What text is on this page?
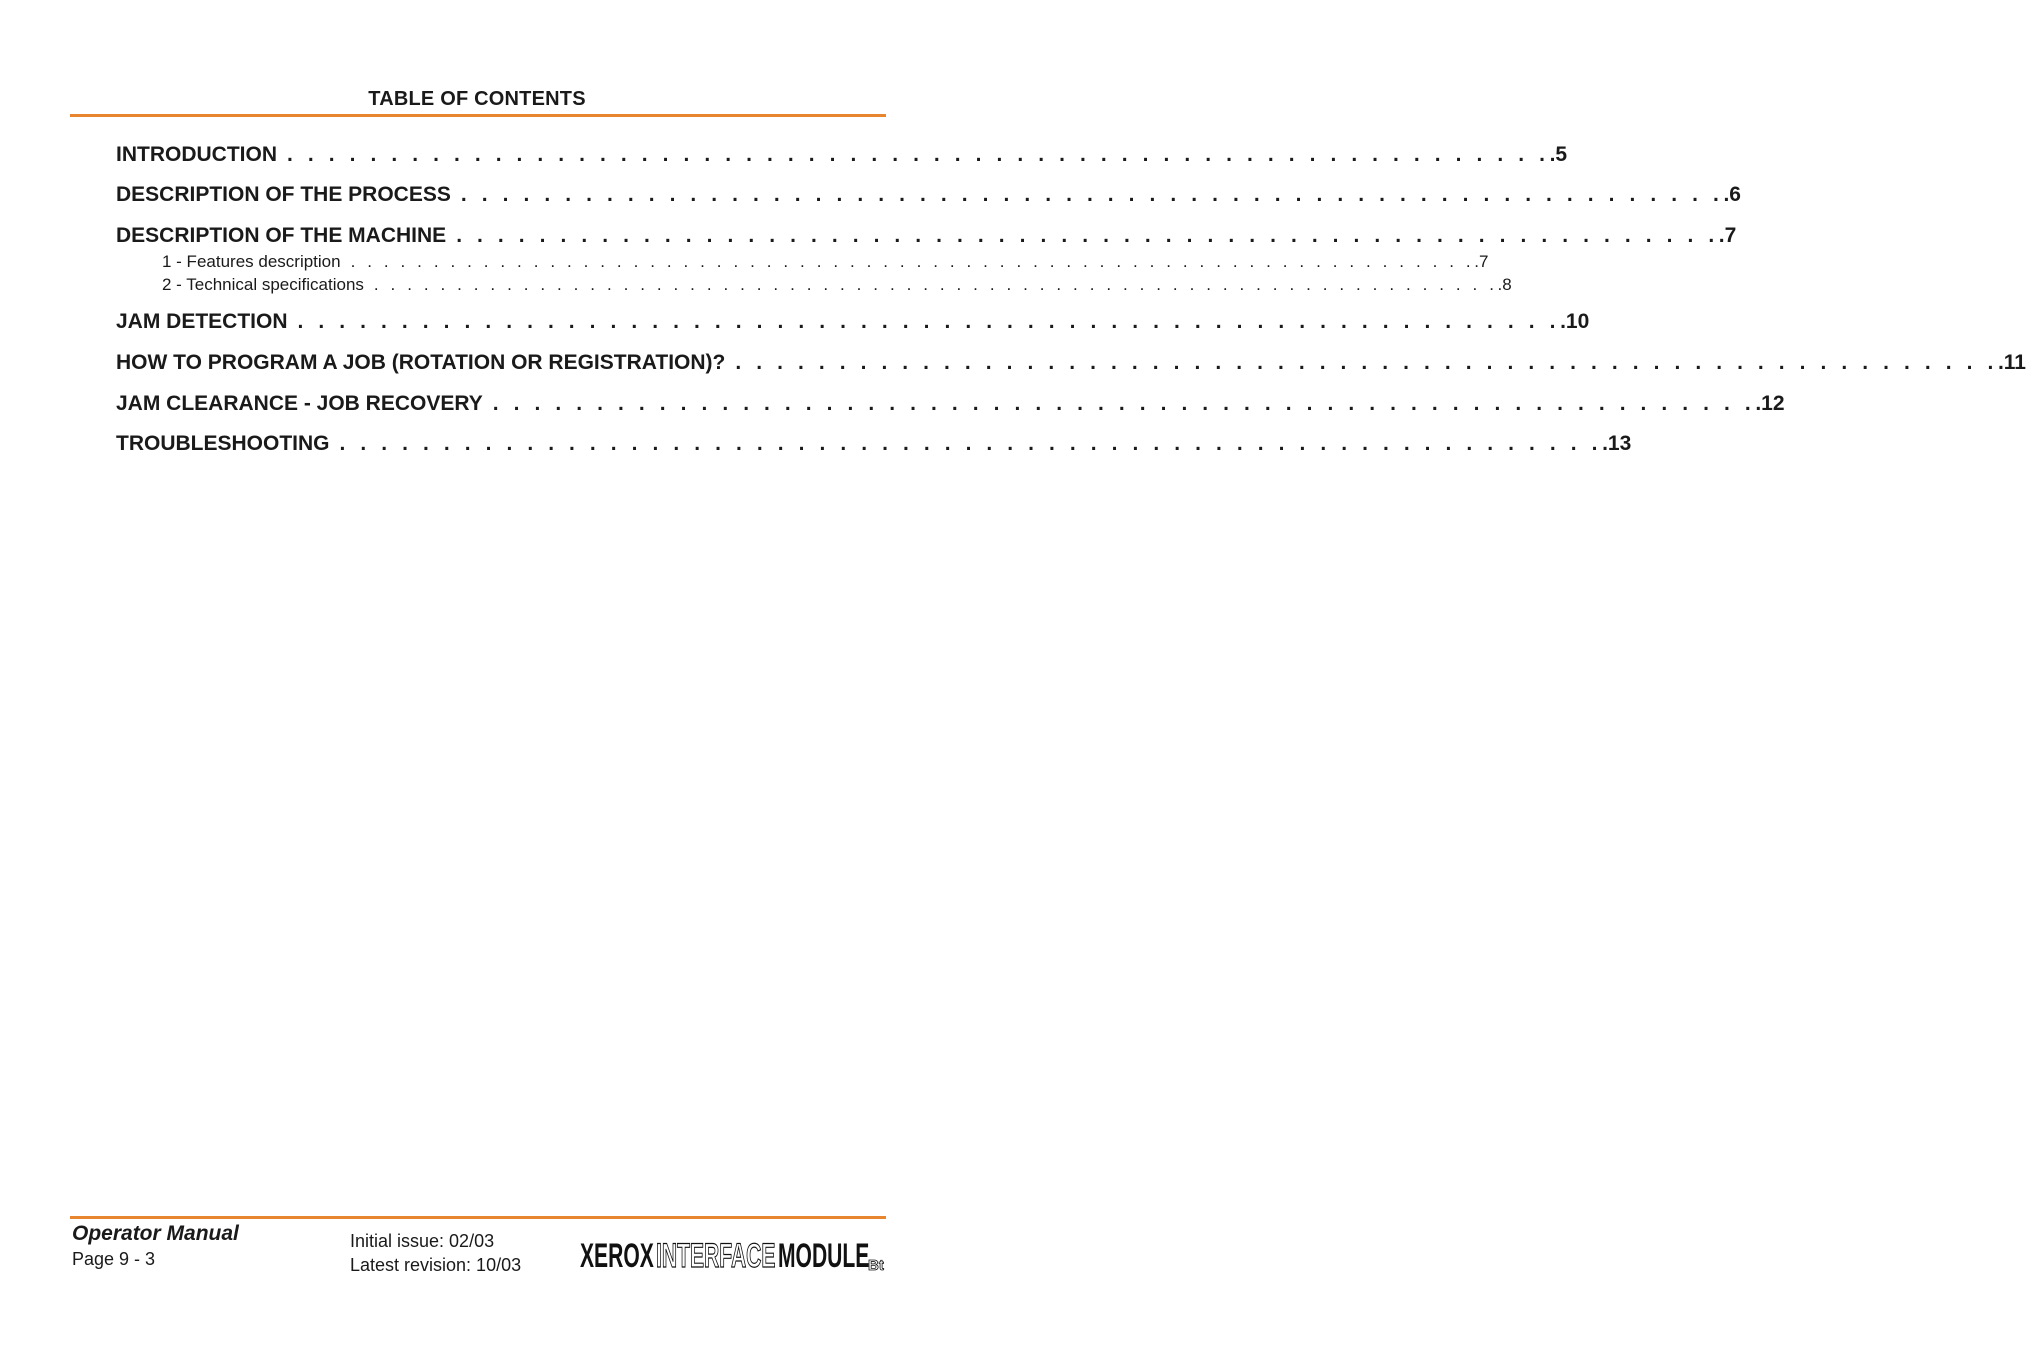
TABLE OF CONTENTS
INTRODUCTION . . . . . . . . . . . . . . . . . . . . . . . . . . . . . . . . . . . . . . . . . . . . . . . . . . . . . . . . . . . . . .5
DESCRIPTION OF THE PROCESS . . . . . . . . . . . . . . . . . . . . . . . . . . . . . . . . . . . . . . . . . . . . . . . . . . . . . . . . . . . . . .6
DESCRIPTION OF THE MACHINE . . . . . . . . . . . . . . . . . . . . . . . . . . . . . . . . . . . . . . . . . . . . . . . . . . . . . . . . . . . . . .7
1 - Features description . . . . . . . . . . . . . . . . . . . . . . . . . . . . . . . . . . . . . . . . . . . . . . . . . . . . . . . . . . . . . . . . . . . . .7
2 - Technical specifications . . . . . . . . . . . . . . . . . . . . . . . . . . . . . . . . . . . . . . . . . . . . . . . . . . . . . . . . . . . . . . . . . . . . .8
JAM DETECTION . . . . . . . . . . . . . . . . . . . . . . . . . . . . . . . . . . . . . . . . . . . . . . . . . . . . . . . . . . . . . .10
HOW TO PROGRAM A JOB (ROTATION OR REGISTRATION)? . . . . . . . . . . . . . . . . . . . . . . . . . . . . . . . . . . . . . . . . . . . . . . . . . . . . . . . . . . . . . .11
JAM CLEARANCE - JOB RECOVERY . . . . . . . . . . . . . . . . . . . . . . . . . . . . . . . . . . . . . . . . . . . . . . . . . . . . . . . . . . . . . .12
TROUBLESHOOTING . . . . . . . . . . . . . . . . . . . . . . . . . . . . . . . . . . . . . . . . . . . . . . . . . . . . . . . . . . . . . .13
Operator Manual
Page 9 - 3
Initial issue: 02/03
Latest revision: 10/03 XEROX INTERFACE MODULE
Bt
